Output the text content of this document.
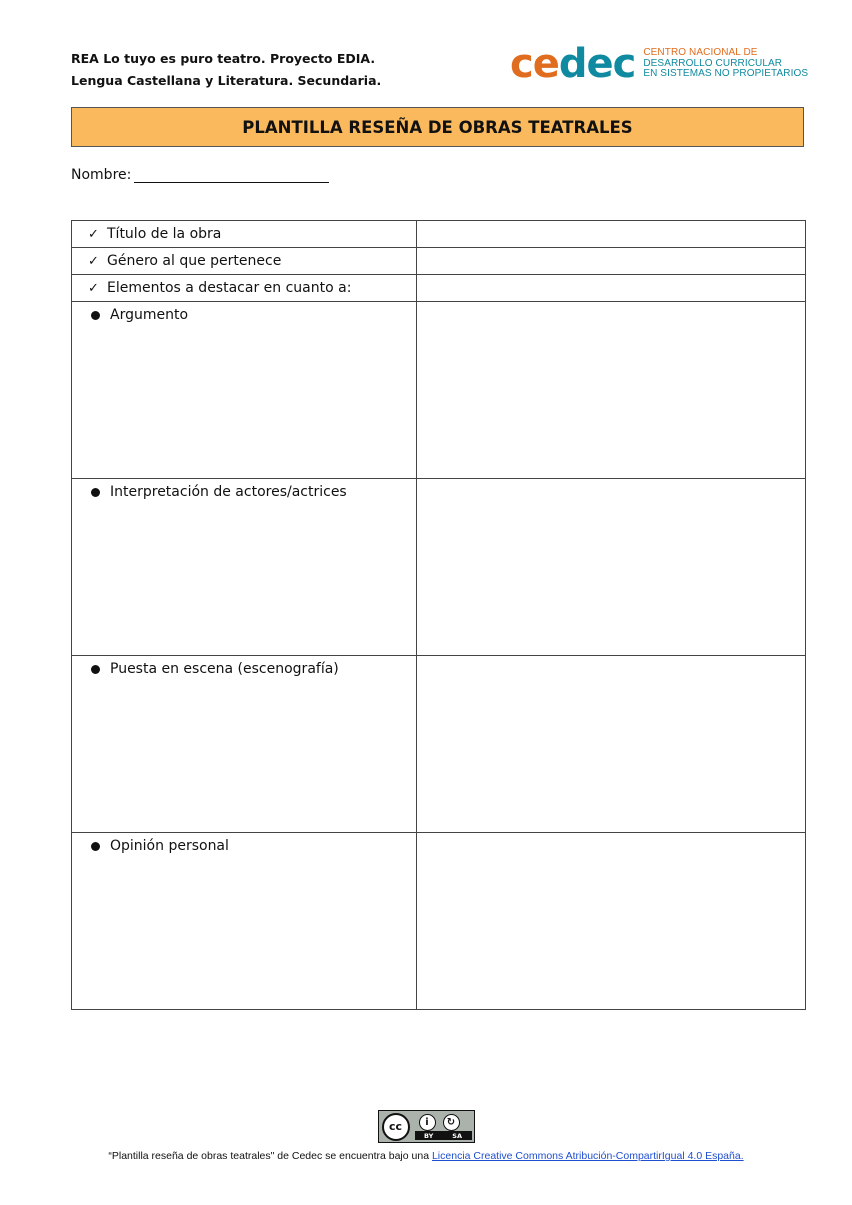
REA Lo tuyo es puro teatro. Proyecto EDIA.
Lengua Castellana y Literatura. Secundaria.	cedec CENTRO NACIONAL DE
DESARROLLO CURRICULAR
EN SISTEMAS NO PROPIETARIOS
PLANTILLA RESEÑA DE OBRAS TEATRALES
Nombre:
✓ Título de la obra	

✓ Género al que pertenece	

✓ Elementos a destacar en cuanto a:	

Argumento	

Interpretación de actores/actrices	

Puesta en escena (escenografía)	

Opinión personal	

cc	i	↻
BY	SA
“Plantilla reseña de obras teatrales" de Cedec se encuentra bajo una Licencia Creative Commons Atribución-CompartirIgual 4.0 España.
